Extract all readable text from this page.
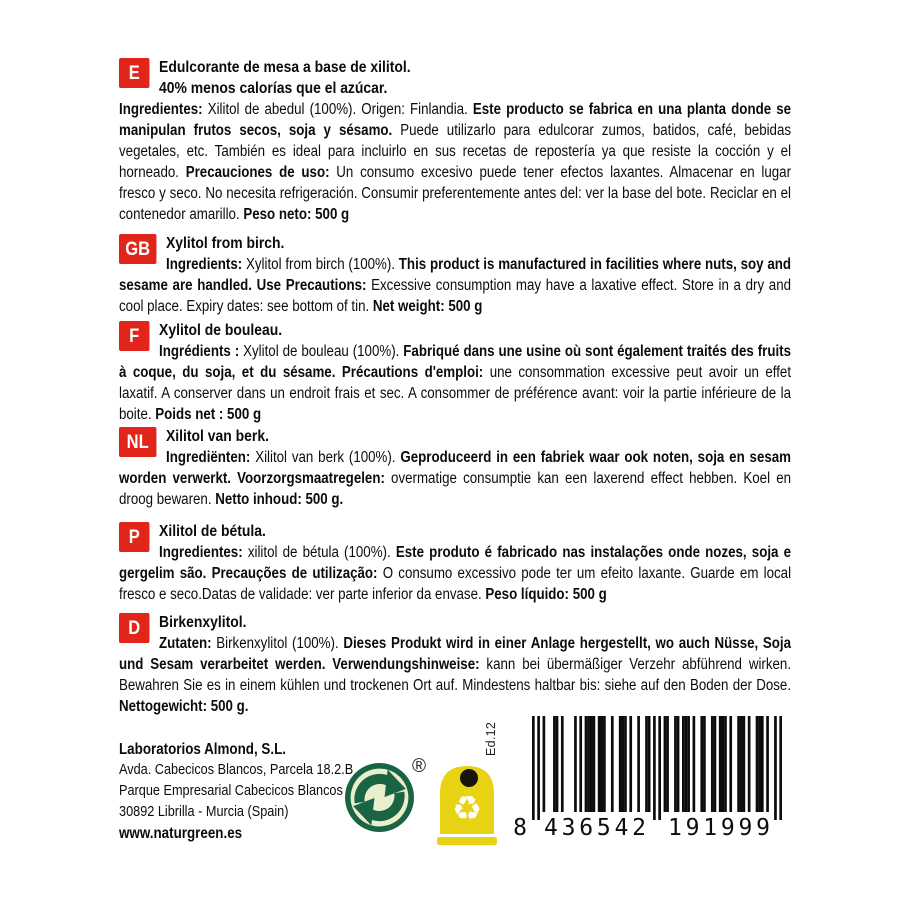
E	Edulcorante de mesa a base de xilitol.
40% menos calorías que el azúcar.
Ingredientes: Xilitol de abedul (100%). Origen: Finlandia. Este producto se fabrica en una planta donde se manipulan frutos secos, soja y sésamo. Puede utilizarlo para edulcorar zumos, batidos, café, bebidas vegetales, etc. También es ideal para incluirlo en sus recetas de repostería ya que resiste la cocción y el horneado. Precauciones de uso: Un consumo excesivo puede tener efectos laxantes. Almacenar en lugar fresco y seco. No necesita refrigeración. Consumir preferentemente antes del: ver la base del bote. Reciclar en el contenedor amarillo. Peso neto: 500 g

GB Xylitol from birch.
Ingredients: Xylitol from birch (100%). This product is manufactured in facilities where nuts, soy and sesame are handled. Use Precautions: Excessive consumption may have a laxative effect. Store in a dry and cool place. Expiry dates: see bottom of tin. Net weight: 500 g

F	Xylitol de bouleau.
Ingrédients : Xylitol de bouleau (100%). Fabriqué dans une usine où sont également traités des fruits à coque, du soja, et du sésame. Précautions d'emploi: une consommation excessive peut avoir un effet laxatif. A conserver dans un endroit frais et sec. A consommer de préférence avant: voir la partie inférieure de la boite. Poids net : 500 g

NL	Xilitol van berk.
Ingrediënten: Xilitol van berk (100%). Geproduceerd in een fabriek waar ook noten, soja en sesam worden verwerkt. Voorzorgsmaatregelen: overmatige consumptie kan een laxerend effect hebben. Koel en droog bewaren. Netto inhoud: 500 g.

P	Xilitol de bétula.
Ingredientes: xilitol de bétula (100%). Este produto é fabricado nas instalações onde nozes, soja e gergelim são. Precauções de utilização: O consumo excessivo pode ter um efeito laxante. Guarde em local fresco e seco.Datas de validade: ver parte inferior da envase. Peso líquido: 500 g

D	Birkenxylitol.
Zutaten: Birkenxylitol (100%). Dieses Produkt wird in einer Anlage hergestellt, wo auch Nüsse, Soja und Sesam verarbeitet werden. Verwendungshinweise: kann bei übermäßiger Verzehr abführend wirken. Bewahren Sie es in einem kühlen und trockenen Ort auf. Mindestens haltbar bis: siehe auf den Boden der Dose. Nettogewicht: 500 g.

Laboratorios Almond, S.L.
Avda. Cabecicos Blancos, Parcela 18.2.B
Parque Empresarial Cabecicos Blancos
30892 Librilla - Murcia (Spain)
www.naturgreen.es
®
♻
Ed.12
8 436542 191999
